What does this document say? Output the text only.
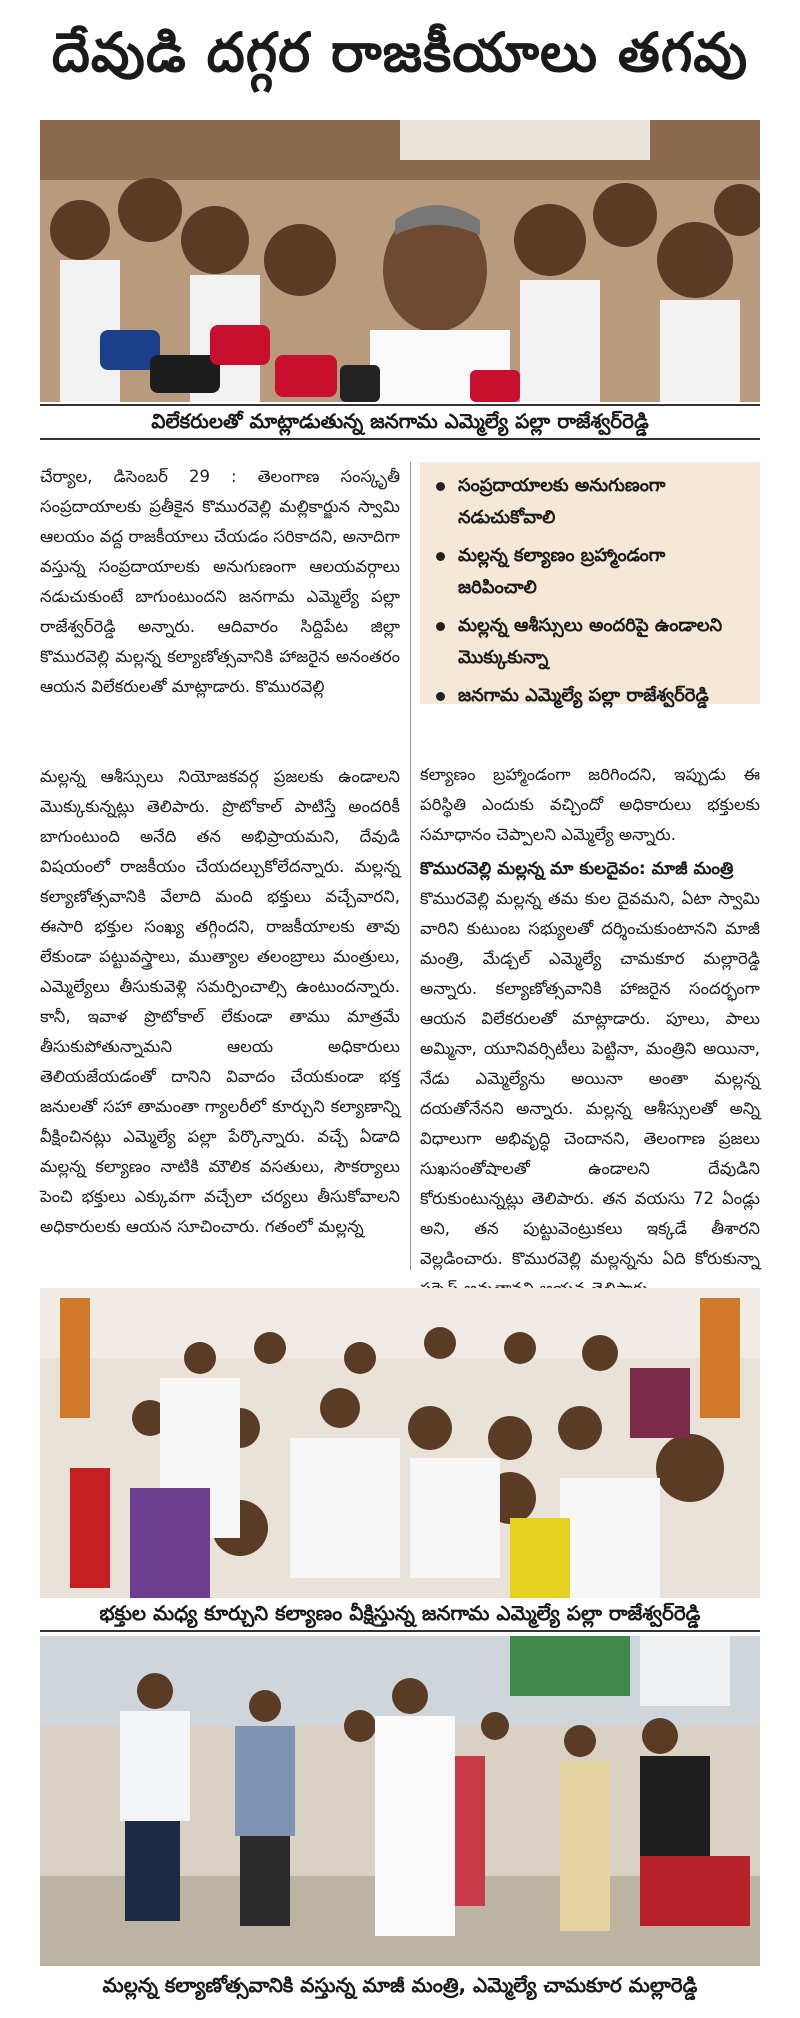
దేవుడి దగ్గర రాజకీయాలు తగవు
విలేకరులతో మాట్లాడుతున్న జనగామ ఎమ్మెల్యే పల్లా రాజేశ్వర్‌రెడ్డి
సంప్రదాయాలకు అనుగుణంగా నడుచుకోవాలి
మల్లన్న కల్యాణం బ్రహ్మాండంగా జరిపించాలి
మల్లన్న ఆశీస్సులు అందరిపై ఉండాలని మొక్కుకున్నా
జనగామ ఎమ్మెల్యే పల్లా రాజేశ్వర్‌రెడ్డి

చేర్యాల, డిసెంబర్ 29 : తెలంగాణ సంస్కృతీ సంప్రదాయాలకు ప్రతీకైన కొమురవెల్లి మల్లికార్జున స్వామి ఆలయం వద్ద రాజకీయాలు చేయడం సరికాదని, అనాదిగా వస్తున్న సంప్రదాయాలకు అనుగుణంగా ఆలయవర్గాలు నడుచుకుంటే బాగుంటుందని జనగామ ఎమ్మెల్యే పల్లా రాజేశ్వర్‌రెడ్డి అన్నారు. ఆదివారం సిద్దిపేట జిల్లా కొమురవెల్లి మల్లన్న కల్యాణోత్సవానికి హాజరైన అనంతరం ఆయన విలేకరులతో మాట్లాడారు. కొమురవెల్లి

మల్లన్న ఆశీస్సులు నియోజకవర్గ ప్రజలకు ఉండాలని మొక్కుకున్నట్లు తెలిపారు. ప్రొటోకాల్ పాటిస్తే అందరికీ బాగుంటుంది అనేది తన అభిప్రాయమని, దేవుడి విషయంలో రాజకీయం చేయదల్చుకోలేదన్నారు. మల్లన్న కల్యాణోత్సవానికి వేలాది మంది భక్తులు వచ్చేవారని, ఈసారి భక్తుల సంఖ్య తగ్గిందని, రాజకీయాలకు తావు లేకుండా పట్టువస్త్రాలు, ముత్యాల తలంబ్రాలు మంత్రులు, ఎమ్మెల్యేలు తీసుకువెళ్లి సమర్పించాల్సి ఉంటుందన్నారు. కానీ, ఇవాళ ప్రొటోకాల్ లేకుండా తాము మాత్రమే తీసుకుపోతున్నామని ఆలయ అధికారులు తెలియజేయడంతో దానిని వివాదం చేయకుండా భక్త జనులతో సహా తామంతా గ్యాలరీలో కూర్చుని కల్యాణాన్ని వీక్షించినట్లు ఎమ్మెల్యే పల్లా పేర్కొన్నారు. వచ్చే ఏడాది మల్లన్న కల్యాణం నాటికి మౌలిక వసతులు, సౌకర్యాలు పెంచి భక్తులు ఎక్కువగా వచ్చేలా చర్యలు తీసుకోవాలని అధికారులకు ఆయన సూచించారు. గతంలో మల్లన్న

కల్యాణం బ్రహ్మాండంగా జరిగిందని, ఇప్పుడు ఈ పరిస్థితి ఎందుకు వచ్చిందో అధికారులు భక్తులకు సమాధానం చెప్పాలని ఎమ్మెల్యే అన్నారు.

కొమురవెల్లి మల్లన్న మా కులదైవం: మాజీ మంత్రి

కొమురవెల్లి మల్లన్న తమ కుల దైవమని, ఏటా స్వామి వారిని కుటుంబ సభ్యులతో దర్శించుకుంటానని మాజీ మంత్రి, మేడ్చల్ ఎమ్మెల్యే చామకూర మల్లారెడ్డి అన్నారు. కల్యాణోత్సవానికి హాజరైన సందర్భంగా ఆయన విలేకరులతో మాట్లాడారు. పూలు, పాలు అమ్మినా, యూనివర్సిటీలు పెట్టినా, మంత్రిని అయినా, నేడు ఎమ్మెల్యేను అయినా అంతా మల్లన్న దయతోనేనని అన్నారు. మల్లన్న ఆశీస్సులతో అన్ని విధాలుగా అభివృద్ధి చెందానని, తెలంగాణ ప్రజలు సుఖసంతోషాలతో ఉండాలని దేవుడిని కోరుకుంటున్నట్లు తెలిపారు. తన వయసు 72 ఏండ్లు అని, తన పుట్టువెంట్రుకలు ఇక్కడే తీశారని వెల్లడించారు. కొమురవెల్లి మల్లన్నను ఏది కోరుకున్నా

భక్తుల మధ్య కూర్చుని కల్యాణం వీక్షిస్తున్న జనగామ ఎమ్మెల్యే పల్లా రాజేశ్వర్‌రెడ్డి
మల్లన్న కల్యాణోత్సవానికి వస్తున్న మాజీ మంత్రి, ఎమ్మెల్యే చామకూర మల్లారెడ్డి
